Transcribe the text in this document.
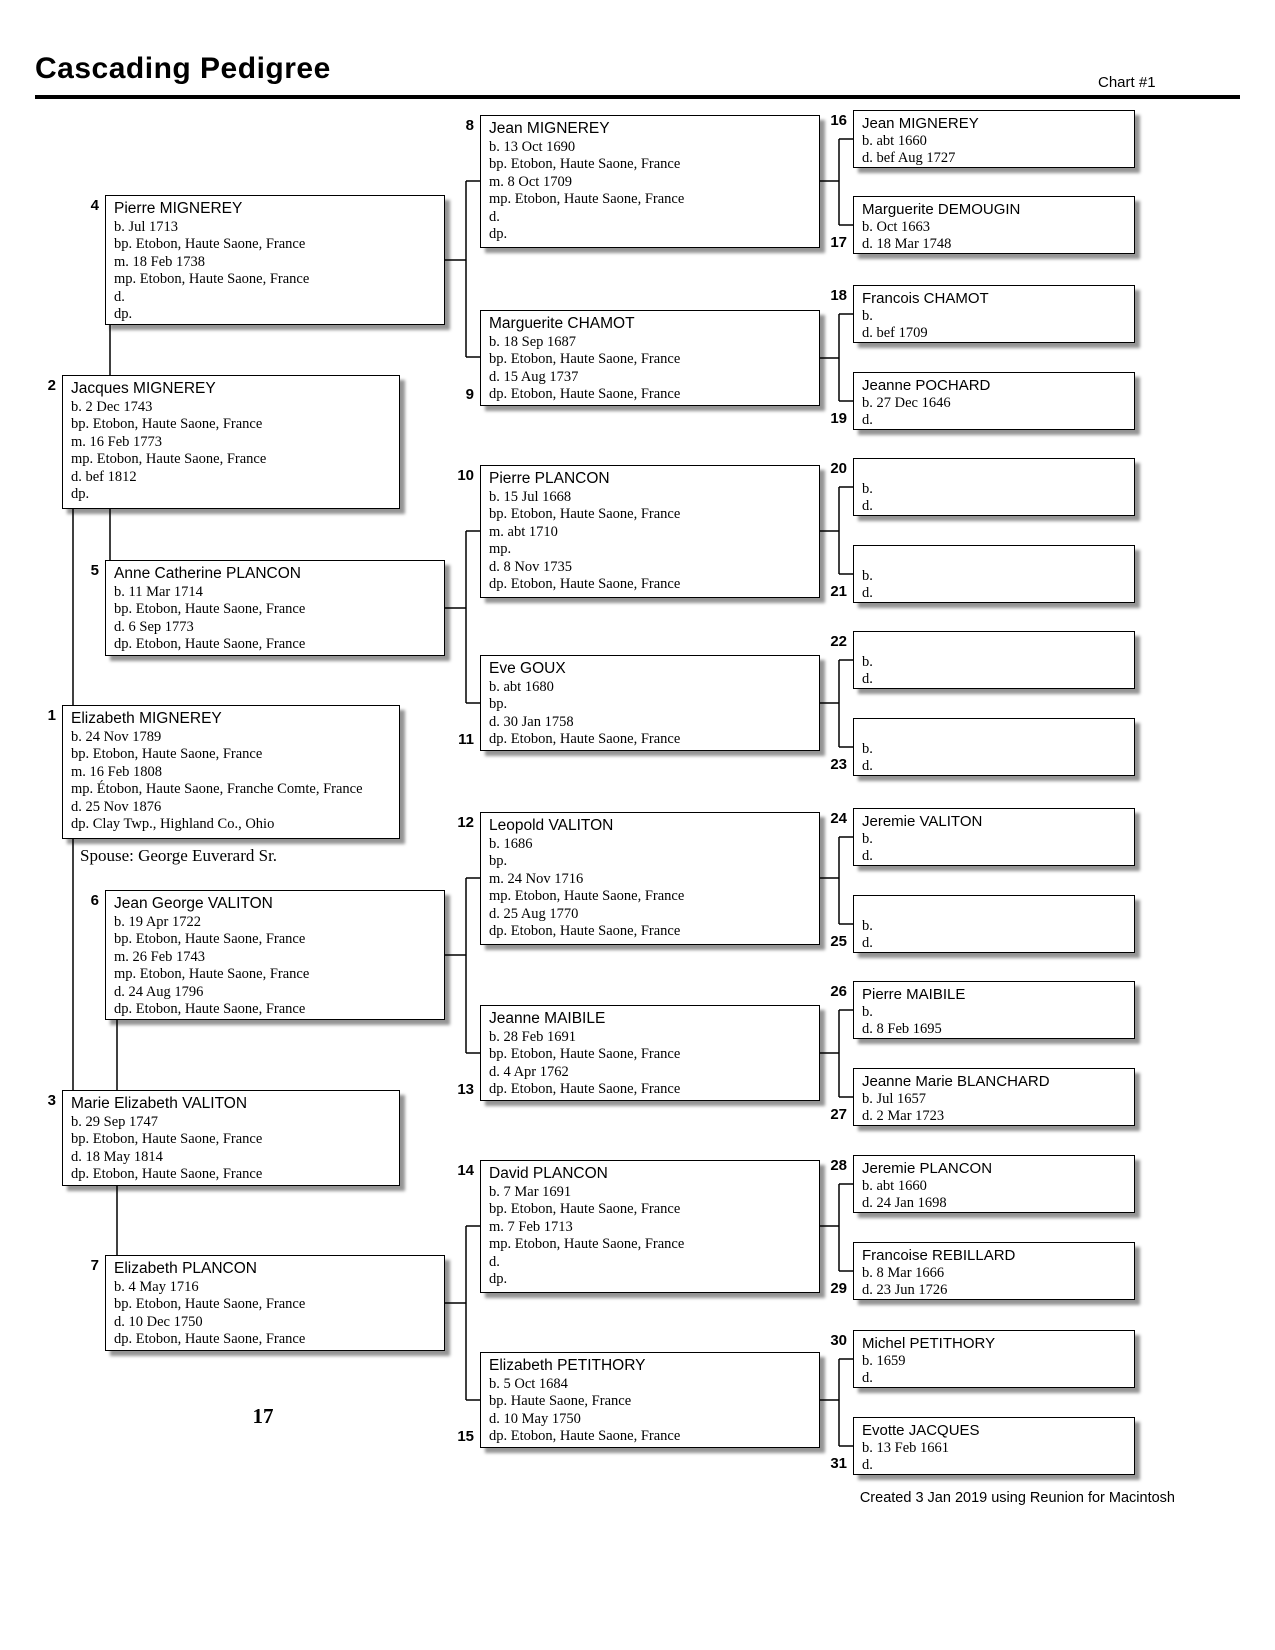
Cascading Pedigree	Chart #1
Jacques MIGNEREY
b. 2 Dec 1743
bp. Etobon, Haute Saone, France
m. 16 Feb 1773
mp. Etobon, Haute Saone, France
d. bef 1812
dp.
2
Elizabeth MIGNEREY
b. 24 Nov 1789
bp. Etobon, Haute Saone, France
m. 16 Feb 1808
mp. Étobon, Haute Saone, Franche Comte, France
d. 25 Nov 1876
dp. Clay Twp., Highland Co., Ohio
1
Spouse: George Euverard Sr.
Marie Elizabeth VALITON
b. 29 Sep 1747
bp. Etobon, Haute Saone, France
d. 18 May 1814
dp. Etobon, Haute Saone, France
3
Pierre MIGNEREY
b. Jul 1713
bp. Etobon, Haute Saone, France
m. 18 Feb 1738
mp. Etobon, Haute Saone, France
d.
dp.
4
Anne Catherine PLANCON
b. 11 Mar 1714
bp. Etobon, Haute Saone, France
d. 6 Sep 1773
dp. Etobon, Haute Saone, France
5
Jean George VALITON
b. 19 Apr 1722
bp. Etobon, Haute Saone, France
m. 26 Feb 1743
mp. Etobon, Haute Saone, France
d. 24 Aug 1796
dp. Etobon, Haute Saone, France
6
Elizabeth PLANCON
b. 4 May 1716
bp. Etobon, Haute Saone, France
d. 10 Dec 1750
dp. Etobon, Haute Saone, France
7
Jean MIGNEREY
b. 13 Oct 1690
bp. Etobon, Haute Saone, France
m. 8 Oct 1709
mp. Etobon, Haute Saone, France
d.
dp.
8
Marguerite CHAMOT
b. 18 Sep 1687
bp. Etobon, Haute Saone, France
d. 15 Aug 1737
dp. Etobon, Haute Saone, France
9
Pierre PLANCON
b. 15 Jul 1668
bp. Etobon, Haute Saone, France
m. abt 1710
mp.
d. 8 Nov 1735
dp. Etobon, Haute Saone, France
10
Eve GOUX
b. abt 1680
bp.
d. 30 Jan 1758
dp. Etobon, Haute Saone, France
11
Leopold VALITON
b. 1686
bp.
m. 24 Nov 1716
mp. Etobon, Haute Saone, France
d. 25 Aug 1770
dp. Etobon, Haute Saone, France
12
Jeanne MAIBILE
b. 28 Feb 1691
bp. Etobon, Haute Saone, France
d. 4 Apr 1762
dp. Etobon, Haute Saone, France
13
David PLANCON
b. 7 Mar 1691
bp. Etobon, Haute Saone, France
m. 7 Feb 1713
mp. Etobon, Haute Saone, France
d.
dp.
14
Elizabeth PETITHORY
b. 5 Oct 1684
bp. Haute Saone, France
d. 10 May 1750
dp. Etobon, Haute Saone, France
15
Jean MIGNEREY
b. abt 1660
d. bef Aug 1727
16
Marguerite DEMOUGIN
b. Oct 1663
d. 18 Mar 1748
17
Francois CHAMOT
b.
d. bef 1709
18
Jeanne POCHARD
b. 27 Dec 1646
d.
19
b.
d.
20
b.
d.
21
b.
d.
22
b.
d.
23
Jeremie VALITON
b.
d.
24
b.
d.
25
Pierre MAIBILE
b.
d. 8 Feb 1695
26
Jeanne Marie BLANCHARD
b. Jul 1657
d. 2 Mar 1723
27
Jeremie PLANCON
b. abt 1660
d. 24 Jan 1698
28
Francoise REBILLARD
b. 8 Mar 1666
d. 23 Jun 1726
29
Michel PETITHORY
b. 1659
d.
30
Evotte JACQUES
b. 13 Feb 1661
d.
31
17
Created 3 Jan 2019 using Reunion for Macintosh
